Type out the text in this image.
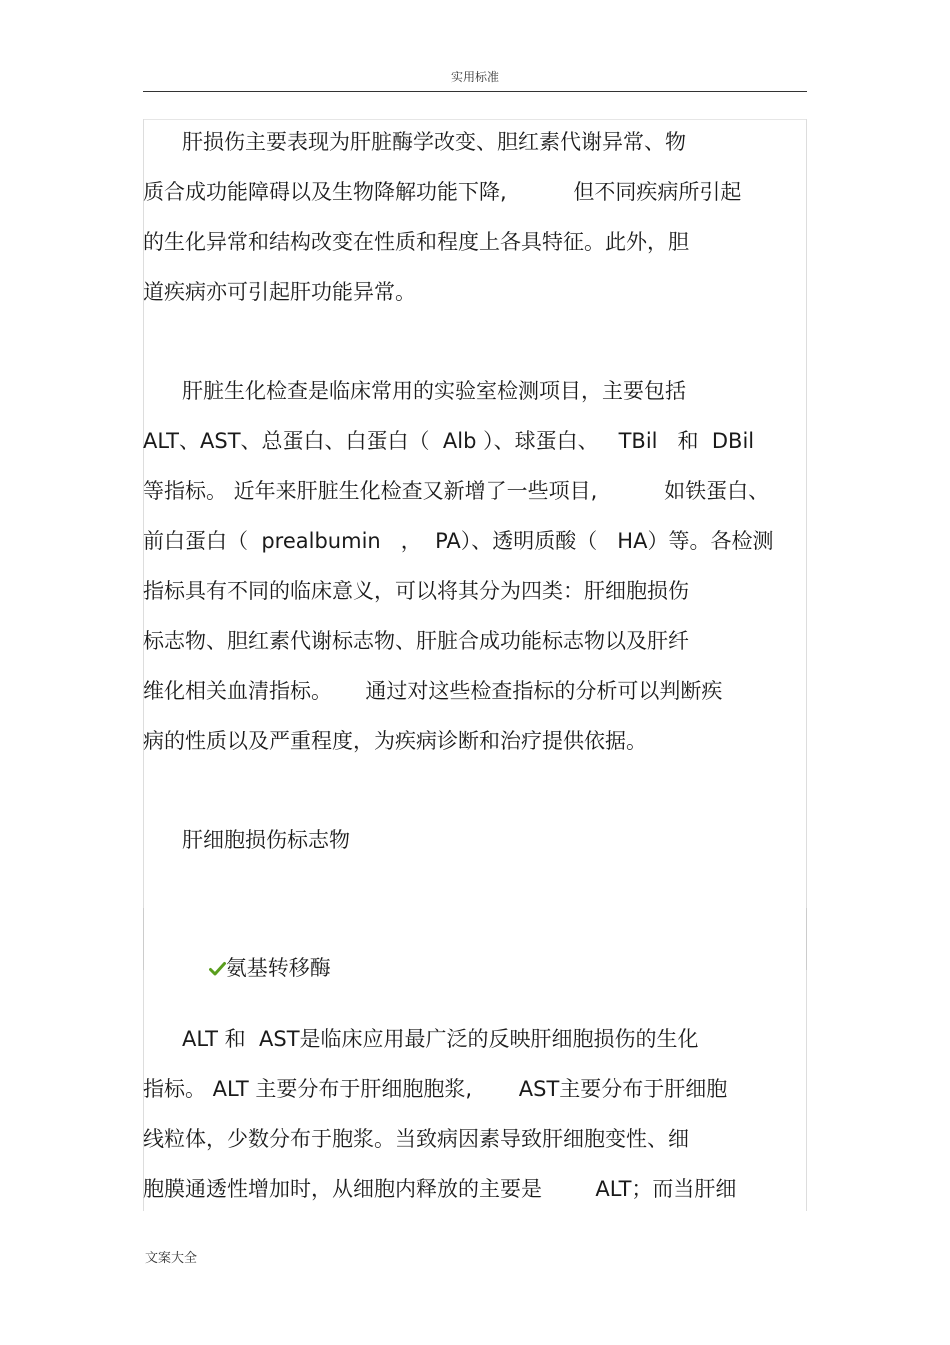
实用标准
肝损伤主要表现为肝脏酶学改变、胆红素代谢异常、物
质合成功能障碍以及生物降解功能下降,          但不同疾病所引起
的生化异常和结构改变在性质和程度上各具特征。此外，胆
道疾病亦可引起肝功能异常。
肝脏生化检查是临床常用的实验室检测项目，主要包括
ALT、AST、总蛋白、白蛋白（  Alb ）、球蛋白、   TBil   和  DBil
等指标。 近年来肝脏生化检查又新增了一些项目,          如铁蛋白、
前白蛋白（  prealbumin   ，  PA）、透明质酸（   HA）等。各检测
指标具有不同的临床意义，可以将其分为四类：肝细胞损伤
标志物、胆红素代谢标志物、肝脏合成功能标志物以及肝纤
维化相关血清指标。     通过对这些检查指标的分析可以判断疾
病的性质以及严重程度，为疾病诊断和治疗提供依据。
肝细胞损伤标志物

氨基转移酶

ALT 和  AST是临床应用最广泛的反映肝细胞损伤的生化
指标。 ALT 主要分布于肝细胞胞浆,       AST主要分布于肝细胞
线粒体，少数分布于胞浆。当致病因素导致肝细胞变性、细
胞膜通透性增加时，从细胞内释放的主要是        ALT；而当肝细
文案大全
